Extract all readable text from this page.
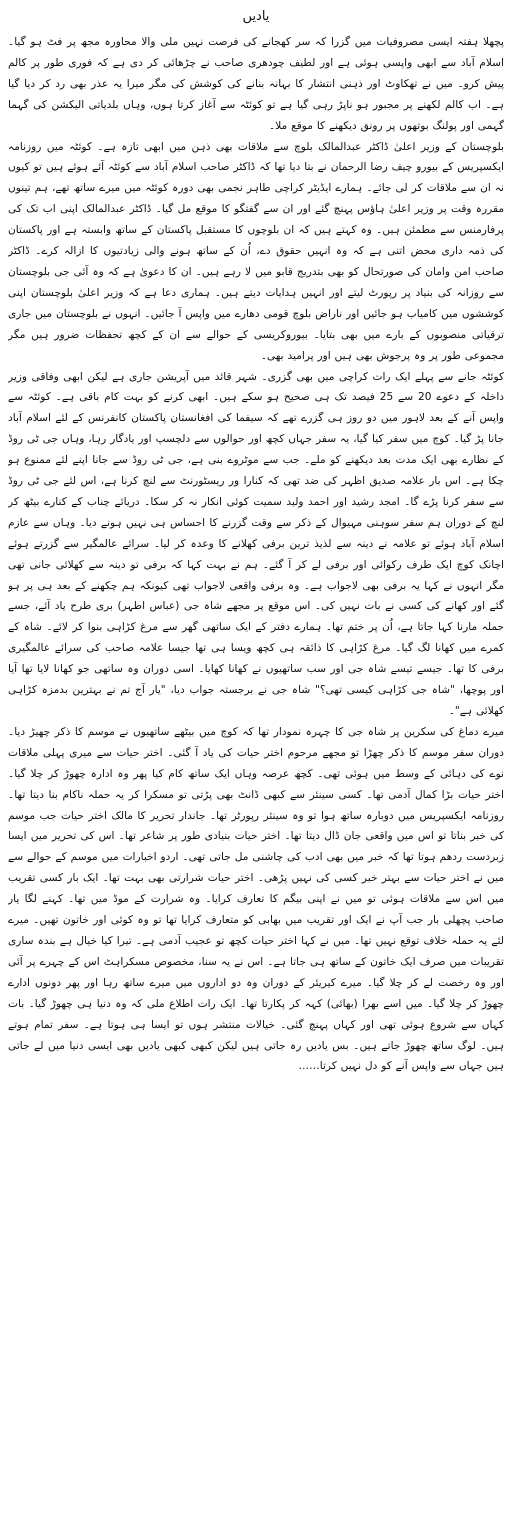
یادیں

پچھلا ہفتہ ایسی مصروفیات میں گزرا کہ سر کھجانے کی فرصت نہیں ملی والا محاورہ مجھ پر فٹ ہو گیا۔ اسلام آباد سے ابھی واپسی ہوئی ہے اور لطیف چودھری صاحب نے چڑھائی کر دی ہے کہ فوری طور پر کالم پیش کرو۔ میں نے تھکاوٹ اور ذہنی انتشار کا بہانہ بنانے کی کوشش کی مگر میرا یہ عذر بھی رد کر دیا گیا ہے۔ اب کالم لکھنے پر مجبور ہو ناپڑ رہی گیا ہے تو کوئٹہ سے آغاز کرتا ہوں، وہاں بلدیاتی الیکشن کی گہما گہمی اور پولنگ بوتھوں پر رونق دیکھنے کا موقع ملا۔

بلوچستان کے وزیر اعلیٰ ڈاکٹر عبدالمالک بلوچ سے ملاقات بھی ذہن میں ابھی تازہ ہے۔ کوئٹہ میں روزنامہ ایکسپریس کے بیورو چیف رضا الرحمان نے بتا دیا تھا کہ ڈاکٹر صاحب اسلام آباد سے کوئٹہ آئے ہوئے ہیں تو کیوں نہ ان سے ملاقات کر لی جائے۔ ہمارے ایڈیٹر کراچی طاہر نجمی بھی دورہ کوئٹہ میں میرے ساتھ تھے، ہم تینوں مقررہ وقت پر وزیر اعلیٰ ہاؤس پہنچ گئے اور ان سے گفتگو کا موقع مل گیا۔ ڈاکٹر عبدالمالک اپنی اب تک کی پرفارمنس سے مطمئن ہیں۔ وہ کہتے ہیں کہ ان بلوچوں کا مستقبل پاکستان کے ساتھ وابستہ ہے اور پاکستان کی ذمہ داری محض اتنی ہے کہ وہ انہیں حقوق دے، اُن کے ساتھ ہونے والی زیادتیوں کا ازالہ کرے۔ ڈاکٹر صاحب امن وامان کی صورتحال کو بھی بتدریج قابو میں لا رہے ہیں۔ ان کا دعویٰ ہے کہ وہ آئی جی بلوچستان سے روزانہ کی بنیاد پر رپورٹ لیتے اور انہیں ہدایات دیتے ہیں۔ ہماری دعا ہے کہ وزیر اعلیٰ بلوچستان اپنی کوششوں میں کامیاب ہو جائیں اور ناراض بلوچ قومی دھارے میں واپس آ جائیں۔ انہوں نے بلوچستان میں جاری ترقیاتی منصوبوں کے بارے میں بھی بتایا۔ بیوروکریسی کے حوالے سے ان کے کچھ تحفظات ضرور ہیں مگر مجموعی طور پر وہ پرجوش بھی ہیں اور پرامید بھی۔

کوئٹہ جانے سے پہلے ایک رات کراچی میں بھی گزری۔ شہر قائد میں آپریشن جاری ہے لیکن ابھی وفاقی وزیر داخلہ کے دعوے 20 سے 25 فیصد تک ہی صحیح ہو سکے ہیں۔ ابھی کرنے کو بہت کام باقی ہے۔ کوئٹہ سے واپس آنے کے بعد لاہور میں دو روز ہی گزرے تھے کہ سیفما کی افغانستان پاکستان کانفرنس کے لئے اسلام آباد جانا پڑ گیا۔ کوچ میں سفر کیا گیا، یہ سفر جہاں کچھ اور حوالوں سے دلچسپ اور یادگار رہا، وہاں جی ٹی روڈ کے نظارے بھی ایک مدت بعد دیکھنے کو ملے۔ جب سے موٹروے بنی ہے، جی ٹی روڈ سے جانا اپنے لئے ممنوع ہو چکا ہے۔ اس بار علامہ صدیق اظہر کی ضد تھی کہ کنارا ور ریسٹورنٹ سے لنچ کرنا ہے، اس لئے جی ٹی روڈ سے سفر کرنا پڑے گا۔ امجد رشید اور احمد ولید سمیت کوئی انکار نہ کر سکا۔ دریائے چناب کے کنارے بیٹھ کر لنچ کے دوران ہم سفر سوہنی مہیوال کے ذکر سے وقت گزرنے کا احساس ہی نہیں ہونے دیا۔ وہاں سے عازم اسلام آباد ہوئے تو علامہ نے دینہ سے لذیذ ترین برفی کھلانے کا وعدہ کر لیا۔ سرائے عالمگیر سے گزرتے ہوئے اچانک کوچ ایک طرف رکوائی اور برفی لے کر آ گئے۔ ہم نے بہت کہا کہ برفی تو دینہ سے کھلائی جانی تھی مگر انہوں نے کہا یہ برفی بھی لاجواب ہے۔ وہ برفی واقعی لاجواب تھی کیونکہ ہم چکھنے کے بعد ہی پر ہو گئے اور کھانے کی کسی نے بات نہیں کی۔ اس موقع پر مجھے شاہ جی (عباس اطہر) بری طرح یاد آئے، جسے حملہ مارنا کہا جاتا ہے، اُن پر ختم تھا۔ ہمارے دفتر کے ایک ساتھی گھر سے مرغ کڑاہی بنوا کر لائے۔ شاہ کے کمرے میں کھانا لگ گیا۔ مرغ کڑاہی کا ذائقہ ہی کچھ ویسا ہی تھا جیسا علامہ صاحب کی سرائے عالمگیری برفی کا تھا۔ جیسے تیسے شاہ جی اور سب ساتھیوں نے کھانا کھایا۔ اسی دوران وہ ساتھی جو کھانا لایا تھا آیا اور پوچھا، "شاہ جی کڑاہی کیسی تھی؟" شاہ جی نے برجستہ جواب دیا، "یار آج تم نے بہترین بدمزہ کڑاہی کھلائی ہے"۔

میرے دماغ کی سکرین پر شاہ جی کا چہرہ نمودار تھا کہ کوچ میں بیٹھے ساتھیوں نے موسم کا ذکر چھیڑ دیا۔ دوران سفر موسم کا ذکر چھڑا تو مجھے مرحوم اختر حیات کی یاد آ گئی۔ اختر حیات سے میری پہلی ملاقات نوے کی دہائی کے وسط میں ہوئی تھی۔ کچھ عرصہ وہاں ایک ساتھ کام کیا پھر وہ ادارہ چھوڑ کر چلا گیا۔ اختر حیات بڑا کمال آدمی تھا۔ کسی سینئر سے کبھی ڈانٹ بھی پڑتی تو مسکرا کر یہ حملہ ناکام بنا دیتا تھا۔ روزنامہ ایکسپریس میں دوبارہ ساتھ ہوا تو وہ سینئر رپورٹر تھا۔ جاندار تحریر کا مالک اختر حیات جب موسم کی خبر بناتا تو اس میں واقعی جان ڈال دیتا تھا۔ اختر حیات بنیادی طور پر شاعر تھا۔ اس کی تحریر میں ایسا زبردست ردھم ہوتا تھا کہ خبر میں بھی ادب کی چاشنی مل جاتی تھی۔ اردو اخبارات میں موسم کے حوالے سے میں نے اختر حیات سے بہتر خبر کسی کی نہیں پڑھی۔ اختر حیات شرارتی بھی بہت تھا۔ ایک بار کسی تقریب میں اس سے ملاقات ہوئی تو میں نے اپنی بیگم کا تعارف کرایا۔ وہ شرارت کے موڈ میں تھا۔ کہنے لگا یار صاحب پچھلی بار جب آپ نے ایک اور تقریب میں بھابی کو متعارف کرایا تھا تو وہ کوئی اور خاتون تھیں۔ میرے لئے یہ حملہ خلاف توقع نہیں تھا۔ میں نے کہا اختر حیات کچھ تو عجیب آدمی ہے۔ تیرا کیا خیال ہے بندہ ساری تقریبات میں صرف ایک خاتون کے ساتھ ہی جاتا ہے۔ اس نے یہ سنا، مخصوص مسکراہٹ اس کے چہرے پر آئی اور وہ رخصت لے کر چلا گیا۔ میرے کیریئر کے دوران وہ دو اداروں میں میرے ساتھ رہا اور پھر دونوں ادارے چھوڑ کر چلا گیا۔ میں اسے بھرا (بھائی) کہہ کر پکارتا تھا۔ ایک رات اطلاع ملی کہ وہ دنیا ہی چھوڑ گیا۔ بات کہاں سے شروع ہوئی تھی اور کہاں پہنچ گئی۔ خیالات منتشر ہوں تو ایسا ہی ہوتا ہے۔ سفر تمام ہوتے ہیں۔ لوگ ساتھ چھوڑ جاتے ہیں۔ بس یادیں رہ جاتی ہیں لیکن کبھی کبھی یادیں بھی ایسی دنیا میں لے جاتی ہیں جہاں سے واپس آنے کو دل نہیں کرتا……
